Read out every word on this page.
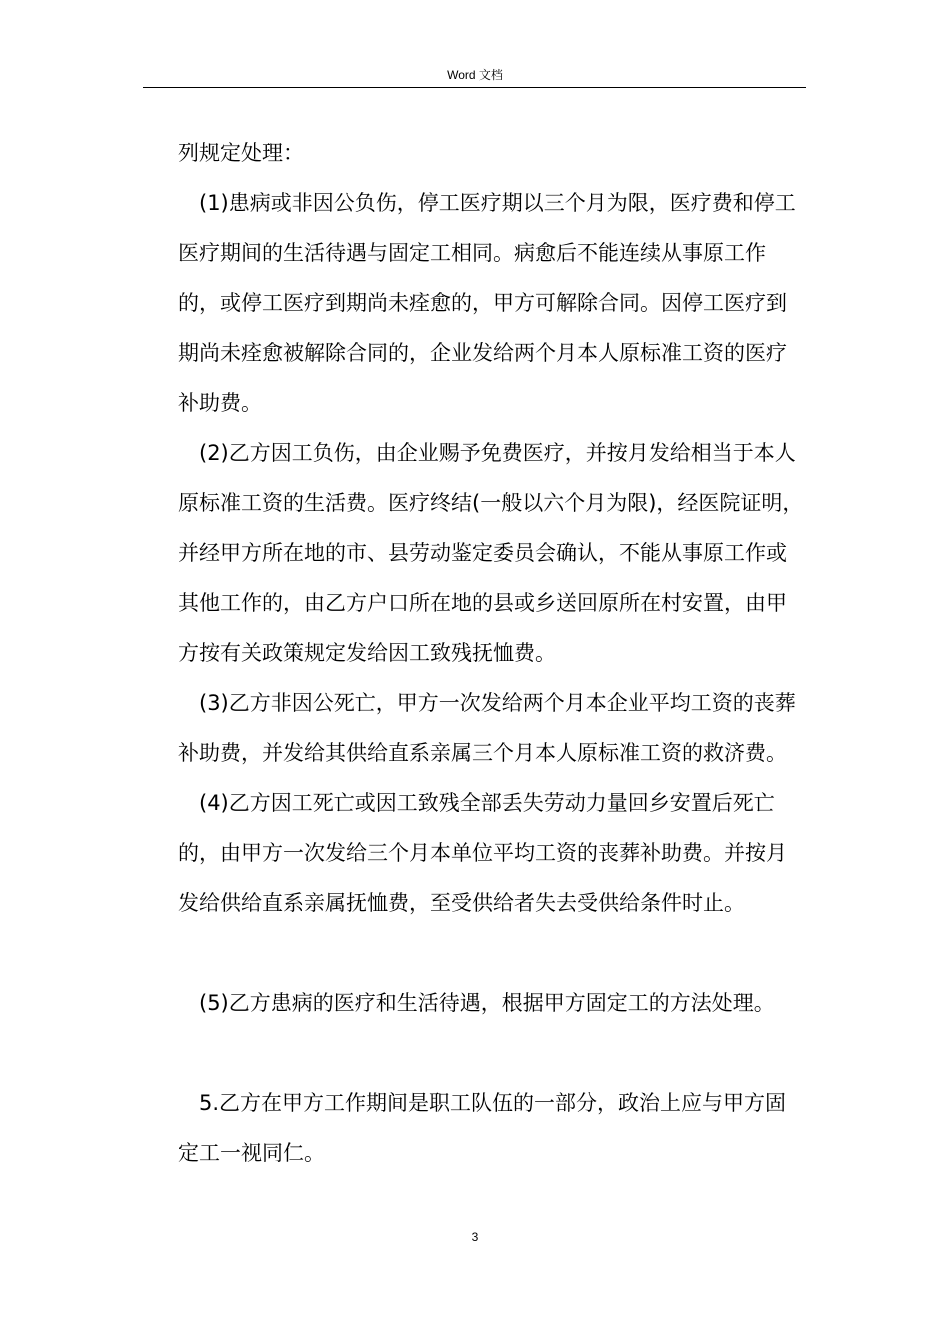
Word 文档

列规定处理：

(1)患病或非因公负伤，停工医疗期以三个月为限，医疗费和停工医疗期间的生活待遇与固定工相同。病愈后不能连续从事原工作的，或停工医疗到期尚未痊愈的，甲方可解除合同。因停工医疗到期尚未痊愈被解除合同的，企业发给两个月本人原标准工资的医疗补助费。

(2)乙方因工负伤，由企业赐予免费医疗，并按月发给相当于本人原标准工资的生活费。医疗终结(一般以六个月为限)，经医院证明，并经甲方所在地的市、县劳动鉴定委员会确认，不能从事原工作或其他工作的，由乙方户口所在地的县或乡送回原所在村安置，由甲方按有关政策规定发给因工致残抚恤费。

(3)乙方非因公死亡，甲方一次发给两个月本企业平均工资的丧葬补助费，并发给其供给直系亲属三个月本人原标准工资的救济费。

(4)乙方因工死亡或因工致残全部丢失劳动力量回乡安置后死亡的，由甲方一次发给三个月本单位平均工资的丧葬补助费。并按月发给供给直系亲属抚恤费，至受供给者失去受供给条件时止。

(5)乙方患病的医疗和生活待遇，根据甲方固定工的方法处理。

5.乙方在甲方工作期间是职工队伍的一部分，政治上应与甲方固定工一视同仁。

3
